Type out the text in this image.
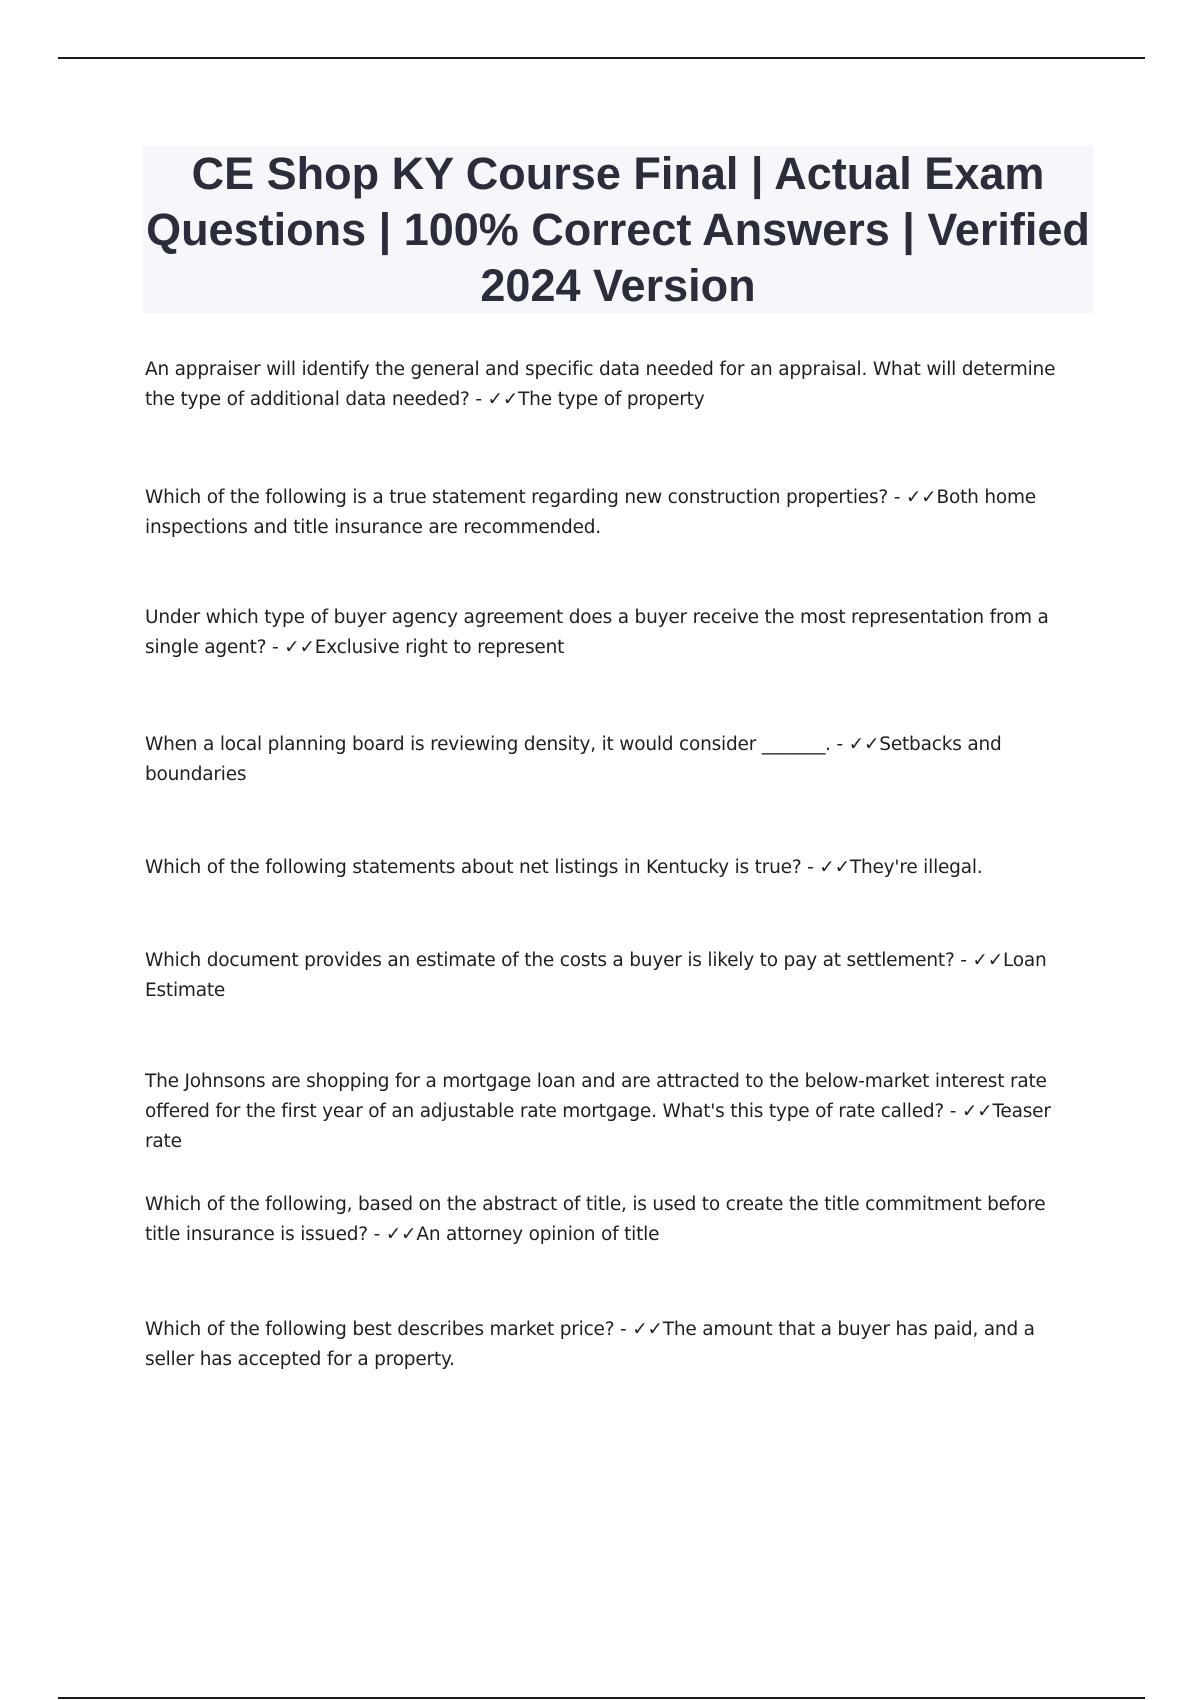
CE Shop KY Course Final | Actual Exam Questions | 100% Correct Answers | Verified 2024 Version
An appraiser will identify the general and specific data needed for an appraisal. What will determine the type of additional data needed? - ✓✓The type of property
Which of the following is a true statement regarding new construction properties? - ✓✓Both home inspections and title insurance are recommended.
Under which type of buyer agency agreement does a buyer receive the most representation from a single agent? - ✓✓Exclusive right to represent
When a local planning board is reviewing density, it would consider _______. - ✓✓Setbacks and boundaries
Which of the following statements about net listings in Kentucky is true? - ✓✓They're illegal.
Which document provides an estimate of the costs a buyer is likely to pay at settlement? - ✓✓Loan Estimate
The Johnsons are shopping for a mortgage loan and are attracted to the below-market interest rate offered for the first year of an adjustable rate mortgage. What's this type of rate called? - ✓✓Teaser rate
Which of the following, based on the abstract of title, is used to create the title commitment before title insurance is issued? - ✓✓An attorney opinion of title
Which of the following best describes market price? - ✓✓The amount that a buyer has paid, and a seller has accepted for a property.
